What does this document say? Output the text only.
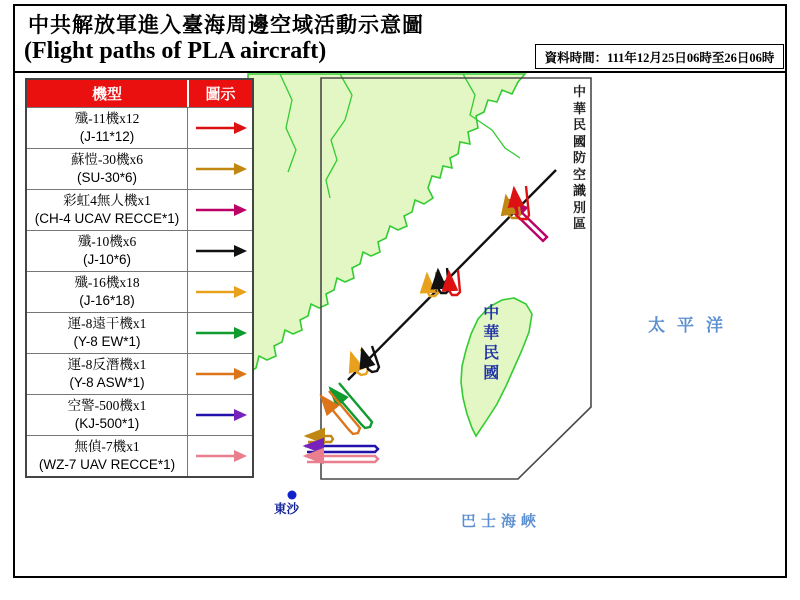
中共解放軍進入臺海周邊空域活動示意圖
(Flight paths of PLA aircraft)	資料時間：111年12月25日06時至26日06時
中華民國防空識別區
中華民國
太平洋
巴士海峽
東沙
機型	圖示
殲-11機x12
(J-11*12)
蘇愷-30機x6
(SU-30*6)
彩虹4無人機x1
(CH-4 UCAV RECCE*1)
殲-10機x6
(J-10*6)
殲-16機x18
(J-16*18)
運-8遠干機x1
(Y-8 EW*1)
運-8反潛機x1
(Y-8 ASW*1)
空警-500機x1
(KJ-500*1)
無偵-7機x1
(WZ-7 UAV RECCE*1)
